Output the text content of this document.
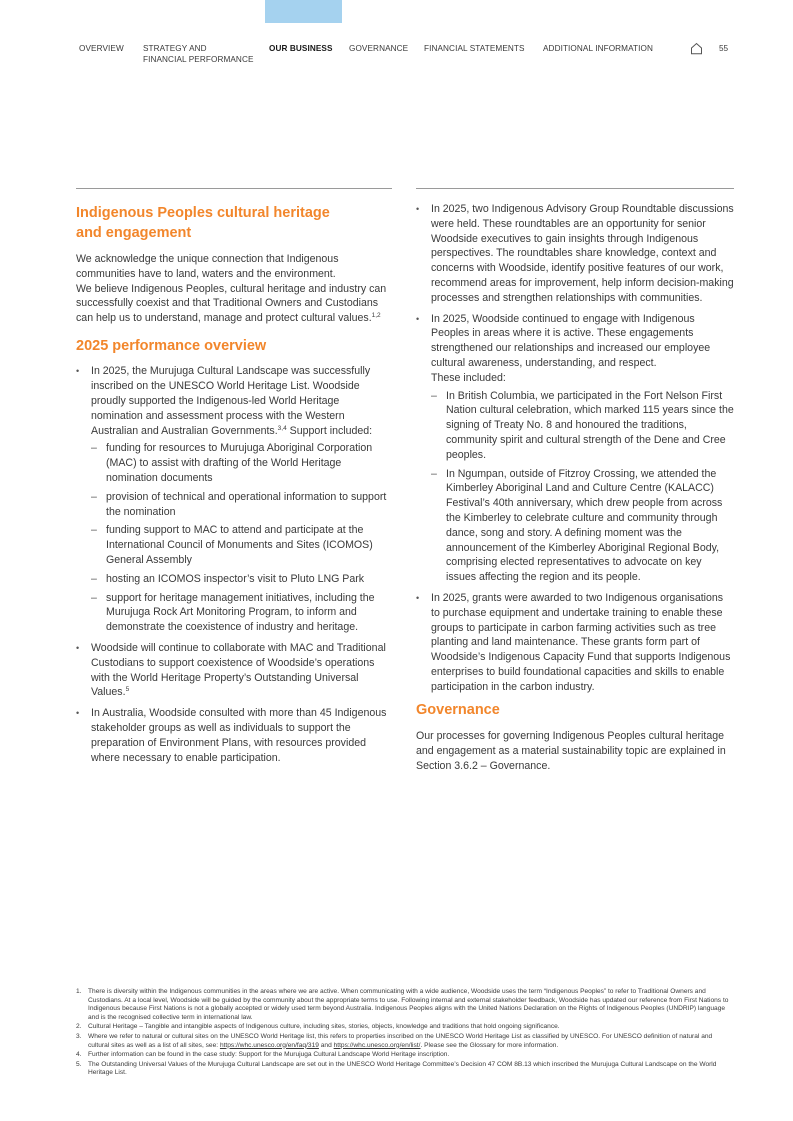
OVERVIEW STRATEGY AND
FINANCIAL PERFORMANCE
OUR BUSINESS GOVERNANCE FINANCIAL STATEMENTS ADDITIONAL INFORMATION	55
Indigenous Peoples cultural heritage
and engagement

We acknowledge the unique connection that Indigenous communities have to land, waters and the environment.
We believe Indigenous Peoples, cultural heritage and industry can successfully coexist and that Traditional Owners and Custodians can help us to understand, manage and protect cultural values.$^{1,2}$

2025 performance overview
• In 2025, the Murujuga Cultural Landscape was successfully inscribed on the UNESCO World Heritage List. Woodside proudly supported the Indigenous-led World Heritage nomination and assessment process with the Western Australian and Australian Governments.$^{3,4}$ Support included:
– funding for resources to Murujuga Aboriginal Corporation (MAC) to assist with drafting of the World Heritage nomination documents
– provision of technical and operational information to support the nomination
– funding support to MAC to attend and participate at the International Council of Monuments and Sites (ICOMOS) General Assembly
– hosting an ICOMOS inspector’s visit to Pluto LNG Park
– support for heritage management initiatives, including the Murujuga Rock Art Monitoring Program, to inform and demonstrate the coexistence of industry and heritage.
• Woodside will continue to collaborate with MAC and Traditional Custodians to support coexistence of Woodside’s operations with the World Heritage Property’s Outstanding Universal Values.$^5$
• In Australia, Woodside consulted with more than 45 Indigenous stakeholder groups as well as individuals to support the preparation of Environment Plans, with resources provided where necessary to enable participation.
• In 2025, two Indigenous Advisory Group Roundtable discussions were held. These roundtables are an opportunity for senior Woodside executives to gain insights through Indigenous perspectives. The roundtables share knowledge, context and concerns with Woodside, identify positive features of our work, recommend areas for improvement, help inform decision-making processes and strengthen relationships with communities.
• In 2025, Woodside continued to engage with Indigenous Peoples in areas where it is active. These engagements strengthened our relationships and increased our employee cultural awareness, understanding, and respect.
These included:
– In British Columbia, we participated in the Fort Nelson First Nation cultural celebration, which marked 115 years since the signing of Treaty No. 8 and honoured the traditions, community spirit and cultural strength of the Dene and Cree peoples.
– In Ngumpan, outside of Fitzroy Crossing, we attended the Kimberley Aboriginal Land and Culture Centre (KALACC) Festival’s 40th anniversary, which drew people from across the Kimberley to celebrate culture and community through dance, song and story. A defining moment was the announcement of the Kimberley Aboriginal Regional Body, comprising elected representatives to advocate on key issues affecting the region and its people.
• In 2025, grants were awarded to two Indigenous organisations to purchase equipment and undertake training to enable these groups to participate in carbon farming activities such as tree planting and land maintenance. These grants form part of Woodside’s Indigenous Capacity Fund that supports Indigenous enterprises to build foundational capacities and skills to enable participation in the carbon industry.
Governance

Our processes for governing Indigenous Peoples cultural heritage and engagement as a material sustainability topic are explained in Section 3.6.2 – Governance.

1. There is diversity within the Indigenous communities in the areas where we are active. When communicating with a wide audience, Woodside uses the term “Indigenous Peoples” to refer to Traditional Owners and Custodians. At a local level, Woodside will be guided by the community about the appropriate terms to use. Following internal and external stakeholder feedback, Woodside has updated our reference from First Nations to Indigenous because First Nations is not a globally accepted or widely used term beyond Australia. Indigenous Peoples aligns with the United Nations Declaration on the Rights of Indigenous Peoples (UNDRIP) language and is the recognised collective term in international law.
2. Cultural Heritage – Tangible and intangible aspects of Indigenous culture, including sites, stories, objects, knowledge and traditions that hold ongoing significance.
3. Where we refer to natural or cultural sites on the UNESCO World Heritage list, this refers to properties inscribed on the UNESCO World Heritage List as classified by UNESCO. For UNESCO definition of natural and cultural sites as well as a list of all sites, see: https://whc.unesco.org/en/faq/319 and https://whc.unesco.org/en/list/. Please see the Glossary for more information.
4. Further information can be found in the case study: Support for the Murujuga Cultural Landscape World Heritage inscription.
5. The Outstanding Universal Values of the Murujuga Cultural Landscape are set out in the UNESCO World Heritage Committee’s Decision 47 COM 8B.13 which inscribed the Murujuga Cultural Landscape on the World Heritage List.
